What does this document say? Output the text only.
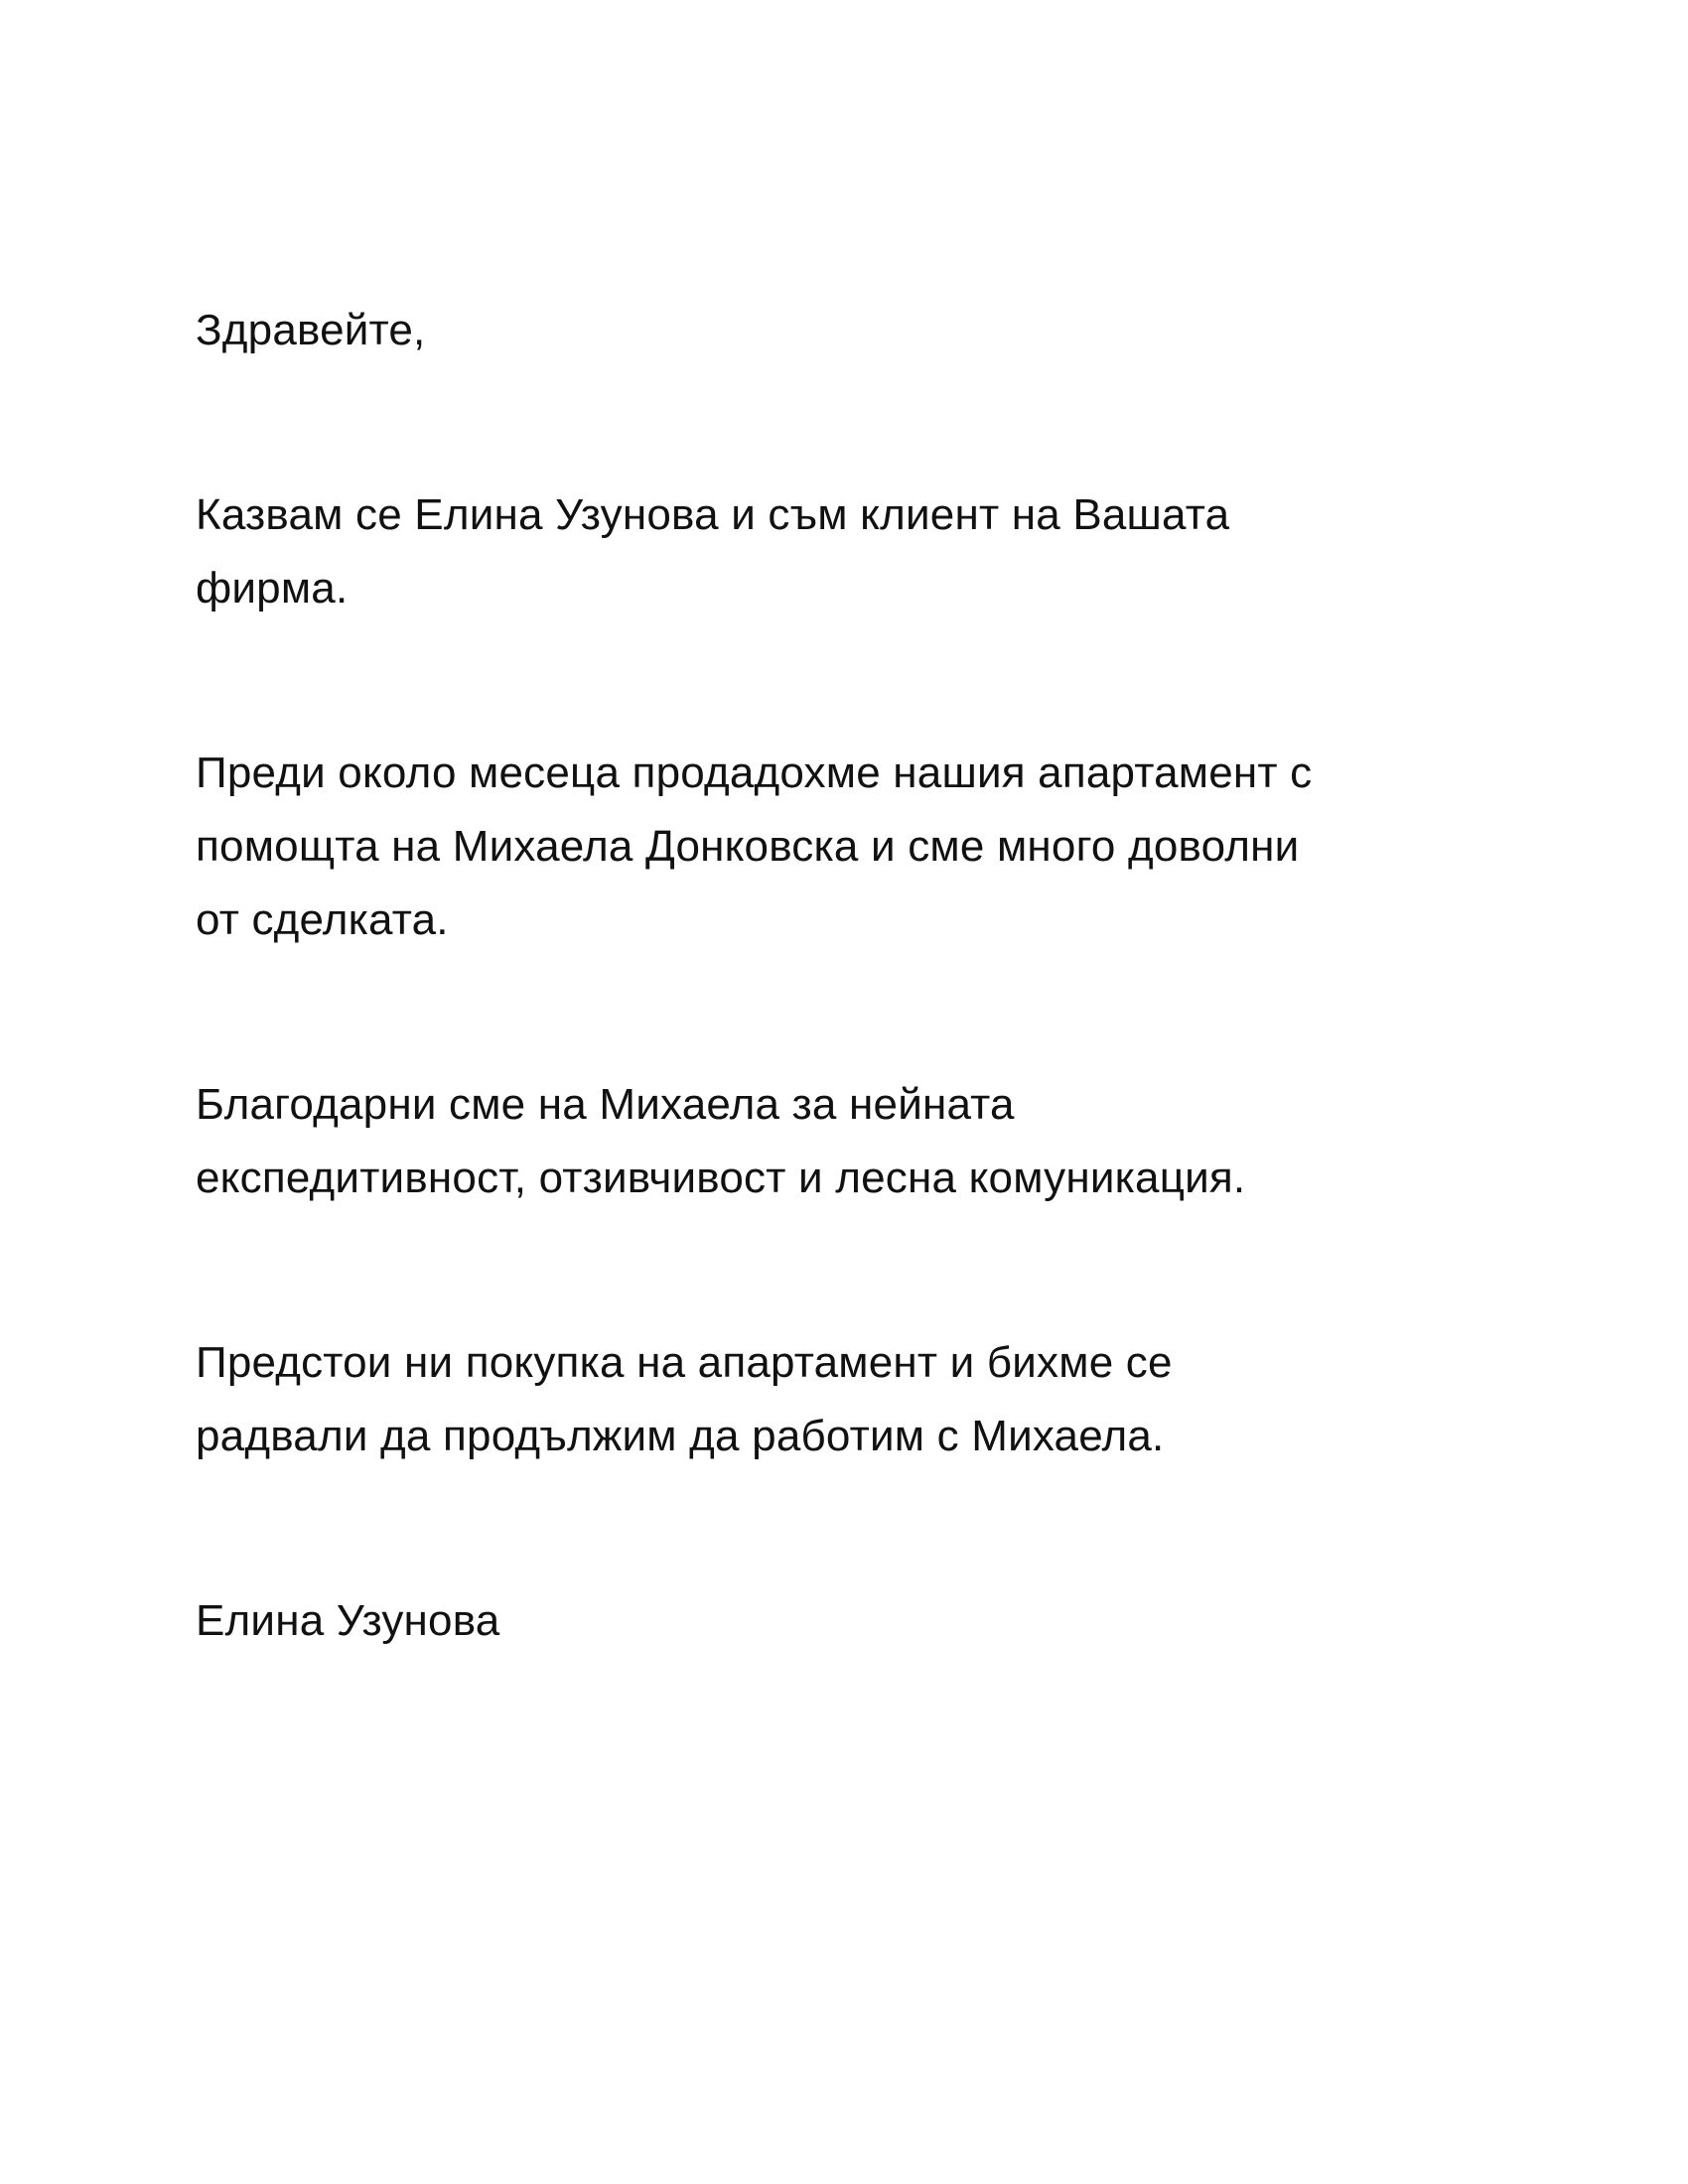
Здравейте,

Казвам се Елина Узунова и съм клиент на Вашата
фирма.

Преди около месеца продадохме нашия апартамент с
помощта на Михаела Донковска и сме много доволни
от сделката.

Благодарни сме на Михаела за нейната
експедитивност, отзивчивост и лесна комуникация.

Предстои ни покупка на апартамент и бихме се
радвали да продължим да работим с Михаела.

Елина Узунова
